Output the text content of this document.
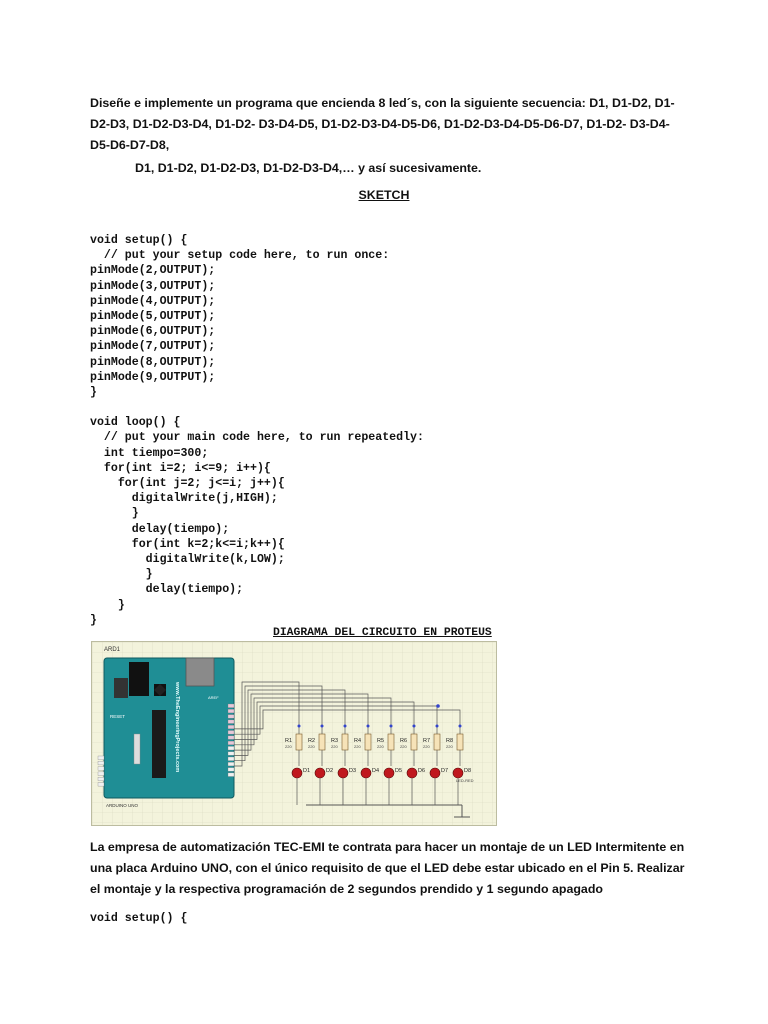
Diseñe e implemente un programa que encienda 8 led´s, con la siguiente secuencia: D1, D1-D2, D1-D2-D3, D1-D2-D3-D4, D1-D2- D3-D4-D5, D1-D2-D3-D4-D5-D6, D1-D2-D3-D4-D5-D6-D7, D1-D2- D3-D4-D5-D6-D7-D8,

D1, D1-D2, D1-D2-D3, D1-D2-D3-D4,… y así sucesivamente.

SKETCH
void setup() {
// put your setup code here, to run once:
pinMode(2,OUTPUT);
pinMode(3,OUTPUT);
pinMode(4,OUTPUT);
pinMode(5,OUTPUT);
pinMode(6,OUTPUT);
pinMode(7,OUTPUT);
pinMode(8,OUTPUT);
pinMode(9,OUTPUT);
}
void loop() {
// put your main code here, to run repeatedly:
int tiempo=300;
for(int i=2; i<=9; i++){
for(int j=2; j<=i; j++){
digitalWrite(j,HIGH);
}
delay(tiempo);
for(int k=2;k<=i;k++){
digitalWrite(k,LOW);
}
delay(tiempo);
}
}
DIAGRAMA DEL CIRCUITO EN PROTEUS
ARD1
RESET
AREF
www.TheEngineeringProjects.com
ARDUINO UNO
R1
220
R2
220
R3
220
R4
220
R5
220
R6
220
R7
220
R8
220
D1	D2	D3	D4	D5	D6	D7	D8
LED-RED

La empresa de automatización TEC-EMI te contrata para hacer un montaje de un LED Intermitente en una placa Arduino UNO, con el único requisito de que el LED debe estar ubicado en el Pin 5. Realizar el montaje y la respectiva programación de 2 segundos prendido y 1 segundo apagado

void setup() {
